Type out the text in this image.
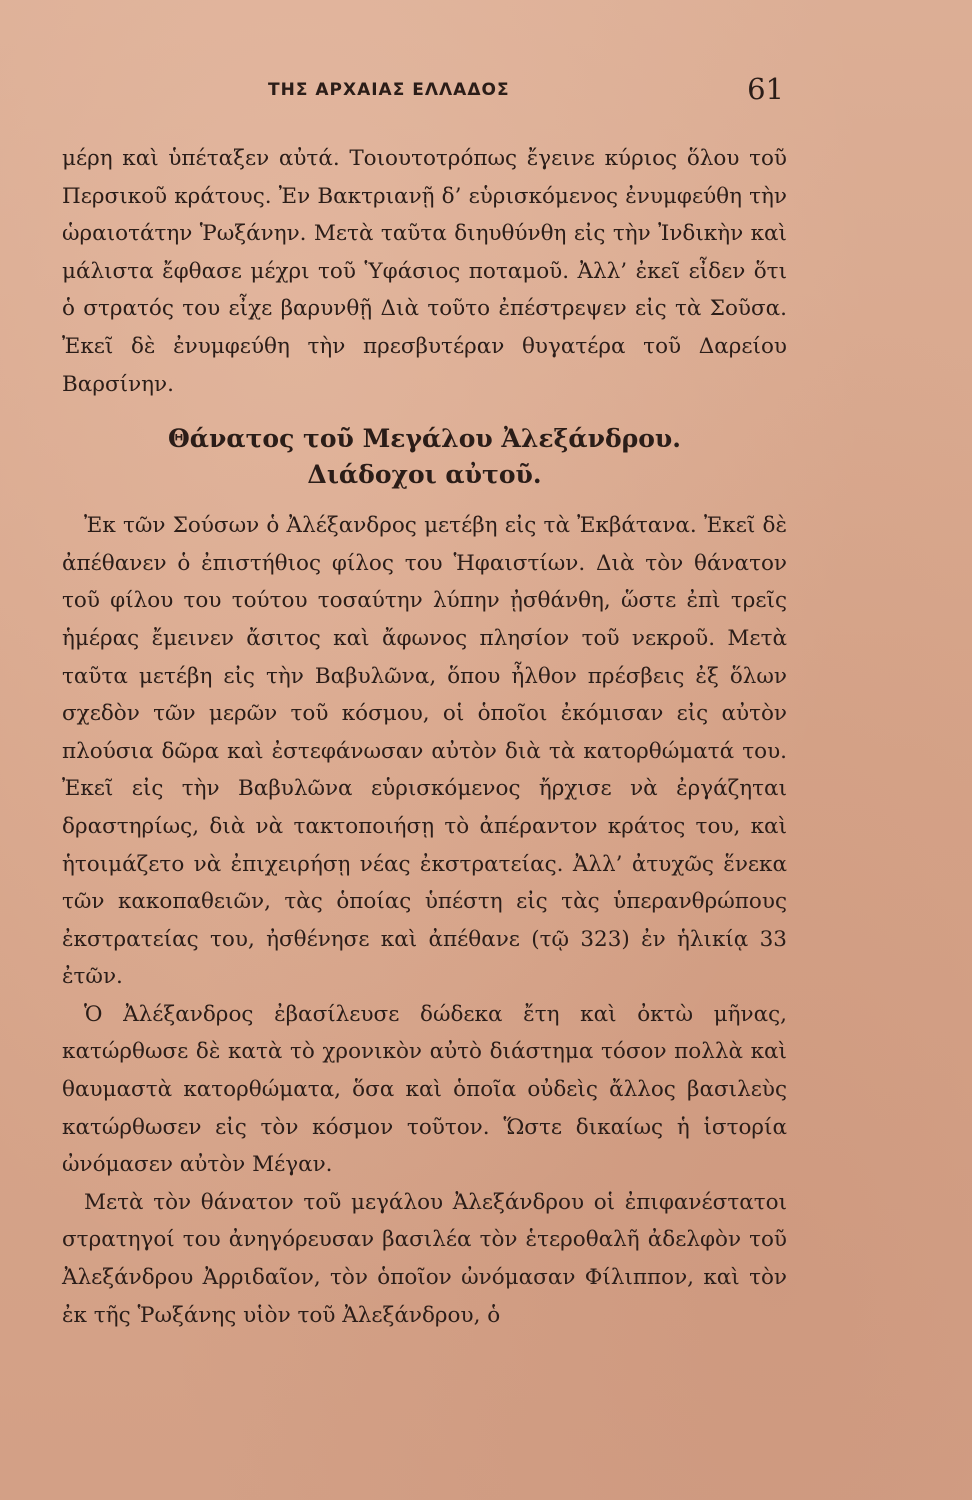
ΤΗΣ ΑΡΧΑΙΑΣ ΕΛΛΑΔΟΣ	61

μέρη καὶ ὑπέταξεν αὐτά. Τοιουτοτρόπως ἔγεινε κύριος ὅλου τοῦ Περσικοῦ κράτους. Ἐν Βακτριανῇ δ’ εὑρισκόμενος ἐνυμφεύθη τὴν ὡραιοτάτην Ῥωξάνην. Μετὰ ταῦτα διηυθύνθη εἰς τὴν Ἰνδικὴν καὶ μάλιστα ἔφθασε μέχρι τοῦ Ὑφάσιος ποταμοῦ. Ἀλλ’ ἐκεῖ εἶδεν ὅτι ὁ στρατός του εἶχε βαρυνθῇ Διὰ τοῦτο ἐπέστρεψεν εἰς τὰ Σοῦσα. Ἐκεῖ δὲ ἐνυμφεύθη τὴν πρεσβυτέραν θυγατέρα τοῦ Δαρείου Βαρσίνην.

Θάνατος τοῦ Μεγάλου Ἀλεξάνδρου.
Διάδοχοι αὐτοῦ.

Ἐκ τῶν Σούσων ὁ Ἀλέξανδρος μετέβη εἰς τὰ Ἐκβάτανα. Ἐκεῖ δὲ ἀπέθανεν ὁ ἐπιστήθιος φίλος του Ἡφαιστίων. Διὰ τὸν θάνατον τοῦ φίλου του τούτου τοσαύτην λύπην ᾐσθάνθη, ὥστε ἐπὶ τρεῖς ἡμέρας ἔμεινεν ἄσιτος καὶ ἄφωνος πλησίον τοῦ νεκροῦ. Μετὰ ταῦτα μετέβη εἰς τὴν Βαβυλῶνα, ὅπου ἦλθον πρέσβεις ἐξ ὅλων σχεδὸν τῶν μερῶν τοῦ κόσμου, οἱ ὁποῖοι ἐκόμισαν εἰς αὐτὸν πλούσια δῶρα καὶ ἐστεφάνωσαν αὐτὸν διὰ τὰ κατορθώματά του. Ἐκεῖ εἰς τὴν Βαβυλῶνα εὑρισκόμενος ἤρχισε νὰ ἐργάζηται δραστηρίως, διὰ νὰ τακτοποιήσῃ τὸ ἀπέραντον κράτος του, καὶ ἡτοιμάζετο νὰ ἐπιχειρήσῃ νέας ἐκστρατείας. Ἀλλ’ ἀτυχῶς ἕνεκα τῶν κακοπαθειῶν, τὰς ὁποίας ὑπέστη εἰς τὰς ὑπερανθρώπους ἐκστρατείας του, ἠσθένησε καὶ ἀπέθανε (τῷ 323) ἐν ἡλικίᾳ 33 ἐτῶν.

Ὁ Ἀλέξανδρος ἐβασίλευσε δώδεκα ἔτη καὶ ὀκτὼ μῆνας, κατώρθωσε δὲ κατὰ τὸ χρονικὸν αὐτὸ διάστημα τόσον πολλὰ καὶ θαυμαστὰ κατορθώματα, ὅσα καὶ ὁποῖα οὐδεὶς ἄλλος βασιλεὺς κατώρθωσεν εἰς τὸν κόσμον τοῦτον. Ὥστε δικαίως ἡ ἱστορία ὠνόμασεν αὐτὸν Μέγαν.

Μετὰ τὸν θάνατον τοῦ μεγάλου Ἀλεξάνδρου οἱ ἐπιφανέστατοι στρατηγοί του ἀνηγόρευσαν βασιλέα τὸν ἑτεροθαλῆ ἀδελφὸν τοῦ Ἀλεξάνδρου Ἀρριδαῖον, τὸν ὁποῖον ὠνόμασαν Φίλιππον, καὶ τὸν ἐκ τῆς Ῥωξάνης υἱὸν τοῦ Ἀλεξάνδρου, ὁ
